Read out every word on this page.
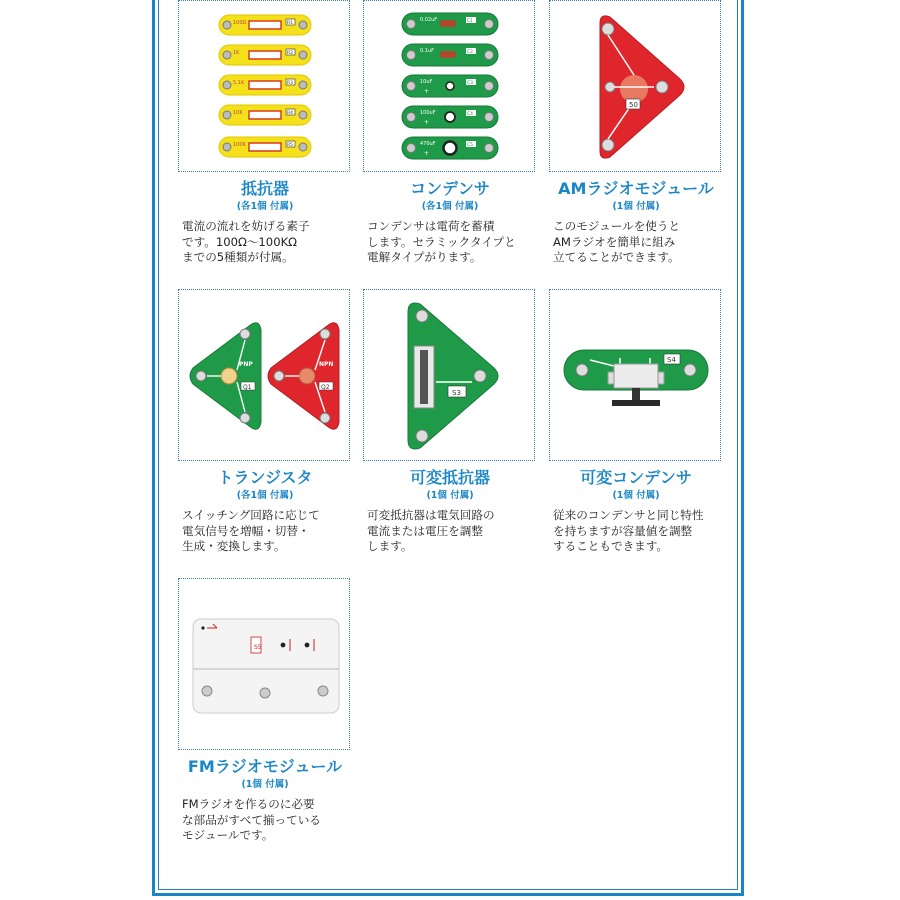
100Ω	R1
1K	R2
5.1K	R3
10K	R4
100K	R5
抵抗器
(各1個 付属)
電流の流れを妨げる素子
です。100Ω～100KΩ
までの5種類が付属。
0.02uF	C1
0.1uF	C2
10uF
+
C3
100uF
+
C4
470uF
+
C5
コンデンサ
(各1個 付属)
コンデンサは電荷を蓄積
します。セラミックタイプと
電解タイプがります。
50
AMラジオモジュール
(1個 付属)
このモジュールを使うと
AMラジオを簡単に組み
立てることができます。
PNP
Q1
NPN
Q2
トランジスタ
(各1個 付属)
スイッチング回路に応じて
電気信号を増幅・切替・
生成・変換します。
S3
可変抵抗器
(1個 付属)
可変抵抗器は電気回路の
電流または電圧を調整
します。
S4
可変コンデンサ
(1個 付属)
従来のコンデンサと同じ特性
を持ちますが容量値を調整
することもできます。
S5
FMラジオモジュール
(1個 付属)
FMラジオを作るのに必要
な部品がすべて揃っている
モジュールです。
